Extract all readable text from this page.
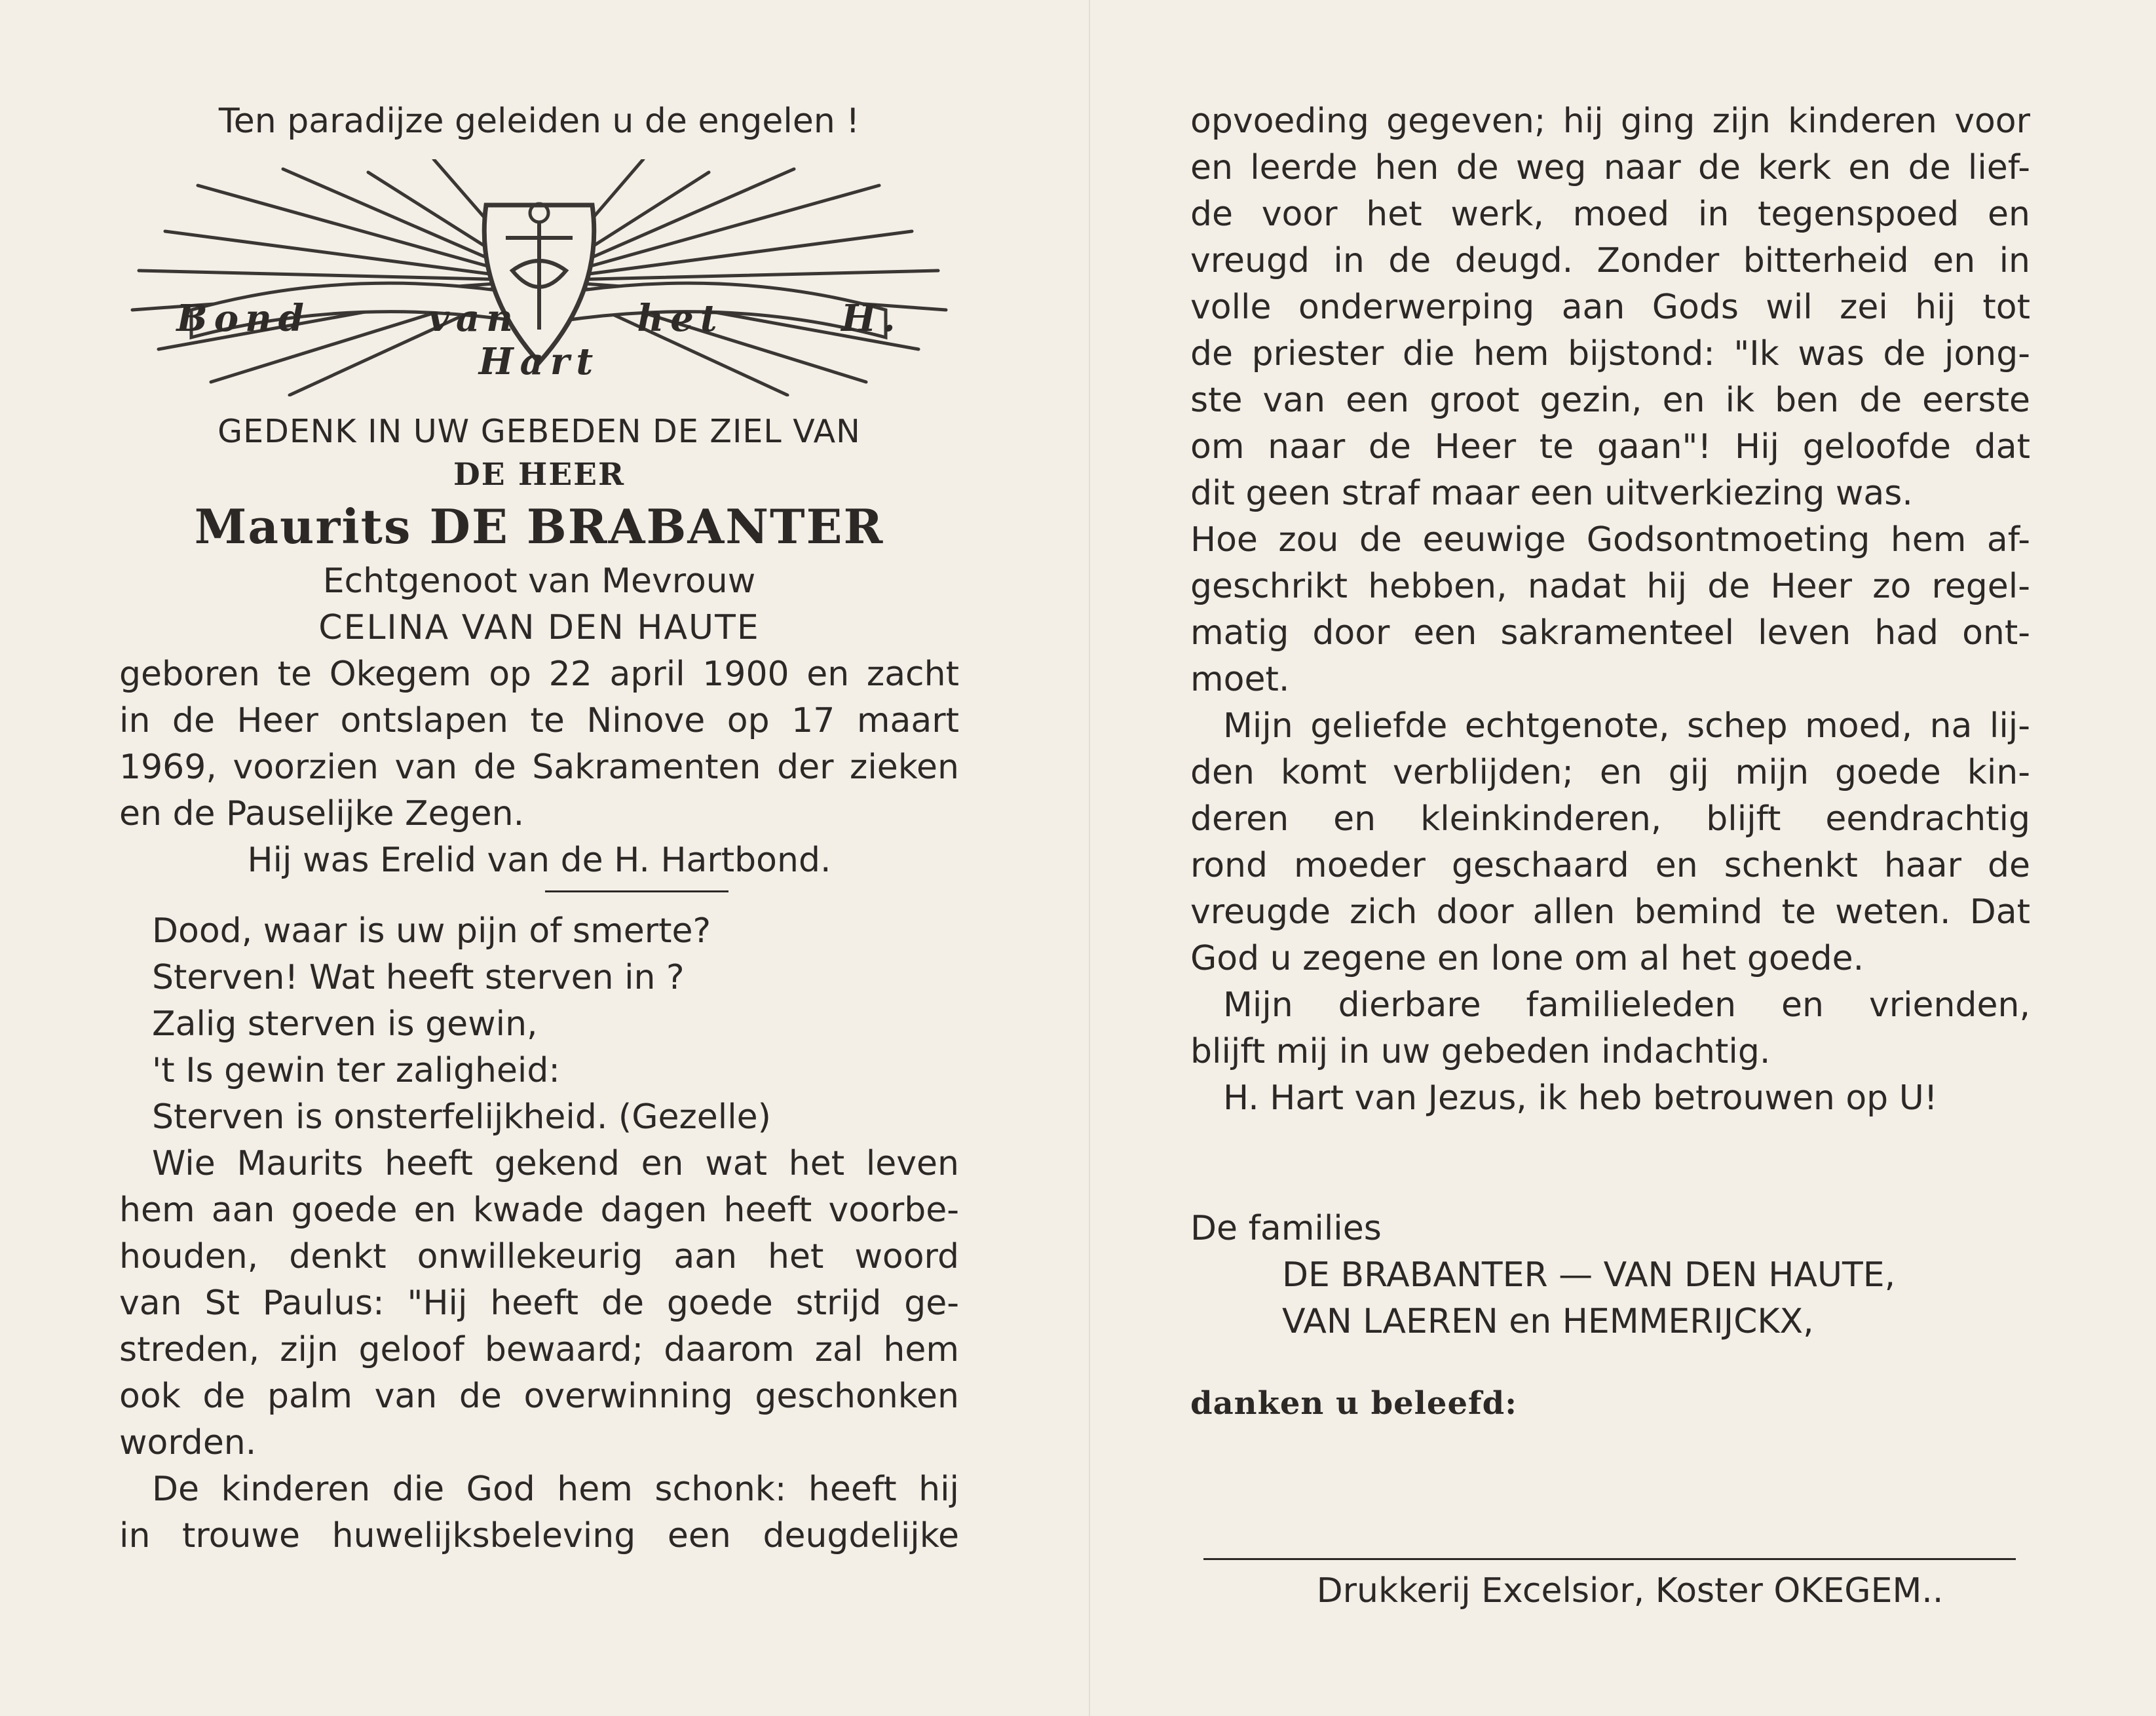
Ten paradijze geleiden u de engelen !
Bond van het H. Hart
GEDENK IN UW GEBEDEN DE ZIEL VAN
DE HEER
Maurits DE BRABANTER
Echtgenoot van Mevrouw
CELINA VAN DEN HAUTE
geboren te Okegem op 22 april 1900 en zacht
in de Heer ontslapen te Ninove op 17 maart
1969, voorzien van de Sakramenten der zieken
en de Pauselijke Zegen.
Hij was Erelid van de H. Hartbond.
Dood, waar is uw pijn of smerte?
Sterven! Wat heeft sterven in ?
Zalig sterven is gewin,
't Is gewin ter zaligheid:
Sterven is onsterfelijkheid. (Gezelle)
Wie Maurits heeft gekend en wat het leven
hem aan goede en kwade dagen heeft voorbe-
houden, denkt onwillekeurig aan het woord
van St Paulus: "Hij heeft de goede strijd ge-
streden, zijn geloof bewaard; daarom zal hem
ook de palm van de overwinning geschonken
worden.
De kinderen die God hem schonk: heeft hij
in trouwe huwelijksbeleving een deugdelijke
opvoeding gegeven; hij ging zijn kinderen voor
en leerde hen de weg naar de kerk en de lief-
de voor het werk, moed in tegenspoed en
vreugd in de deugd. Zonder bitterheid en in
volle onderwerping aan Gods wil zei hij tot
de priester die hem bijstond: "Ik was de jong-
ste van een groot gezin, en ik ben de eerste
om naar de Heer te gaan"! Hij geloofde dat
dit geen straf maar een uitverkiezing was.
Hoe zou de eeuwige Godsontmoeting hem af-
geschrikt hebben, nadat hij de Heer zo regel-
matig door een sakramenteel leven had ont-
moet.
Mijn geliefde echtgenote, schep moed, na lij-
den komt verblijden; en gij mijn goede kin-
deren en kleinkinderen, blijft eendrachtig
rond moeder geschaard en schenkt haar de
vreugde zich door allen bemind te weten. Dat
God u zegene en lone om al het goede.
Mijn dierbare familieleden en vrienden,
blijft mij in uw gebeden indachtig.
H. Hart van Jezus, ik heb betrouwen op U!
De families
DE BRABANTER — VAN DEN HAUTE,
VAN LAEREN en HEMMERIJCKX,
danken u beleefd:
Drukkerij Excelsior, Koster OKEGEM..
